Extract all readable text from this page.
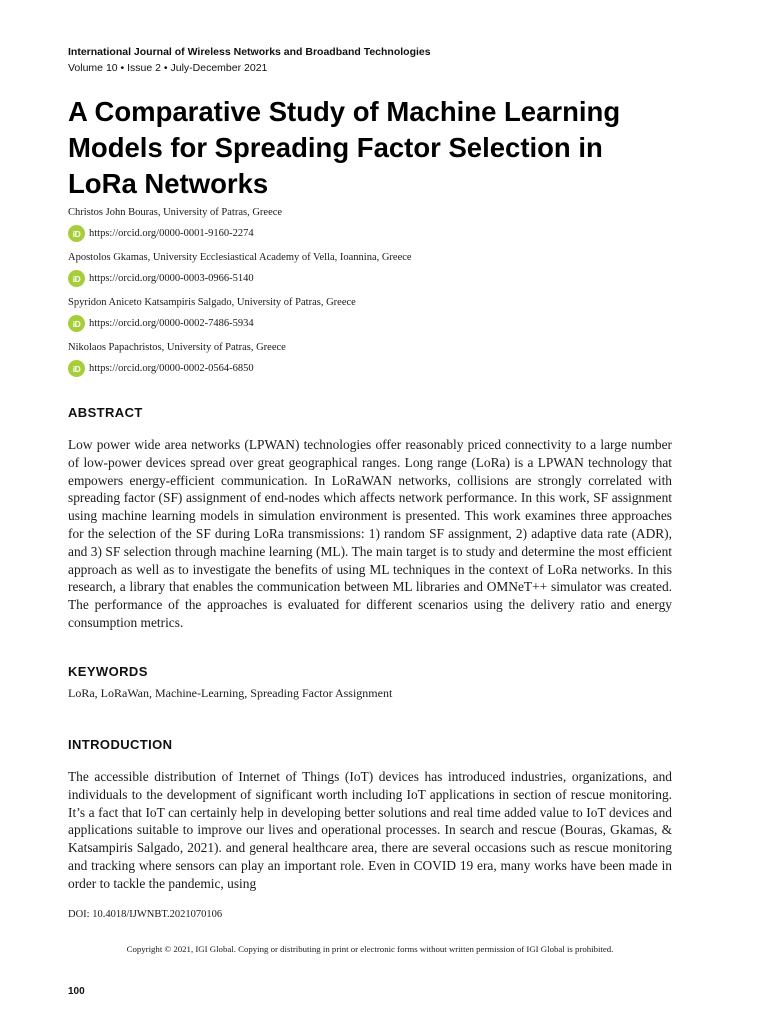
International Journal of Wireless Networks and Broadband Technologies
Volume 10 • Issue 2 • July-December 2021
A Comparative Study of Machine Learning Models for Spreading Factor Selection in LoRa Networks
Christos John Bouras, University of Patras, Greece
iD https://orcid.org/0000-0001-9160-2274
Apostolos Gkamas, University Ecclesiastical Academy of Vella, Ioannina, Greece
iD https://orcid.org/0000-0003-0966-5140
Spyridon Aniceto Katsampiris Salgado, University of Patras, Greece
iD https://orcid.org/0000-0002-7486-5934
Nikolaos Papachristos, University of Patras, Greece
iD https://orcid.org/0000-0002-0564-6850
ABSTRACT

Low power wide area networks (LPWAN) technologies offer reasonably priced connectivity to a large number of low-power devices spread over great geographical ranges. Long range (LoRa) is a LPWAN technology that empowers energy-efficient communication. In LoRaWAN networks, collisions are strongly correlated with spreading factor (SF) assignment of end-nodes which affects network performance. In this work, SF assignment using machine learning models in simulation environment is presented. This work examines three approaches for the selection of the SF during LoRa transmissions: 1) random SF assignment, 2) adaptive data rate (ADR), and 3) SF selection through machine learning (ML). The main target is to study and determine the most efficient approach as well as to investigate the benefits of using ML techniques in the context of LoRa networks. In this research, a library that enables the communication between ML libraries and OMNeT++ simulator was created. The performance of the approaches is evaluated for different scenarios using the delivery ratio and energy consumption metrics.

KEYWORDS

LoRa, LoRaWan, Machine-Learning, Spreading Factor Assignment

INTRODUCTION

The accessible distribution of Internet of Things (IoT) devices has introduced industries, organizations, and individuals to the development of significant worth including IoT applications in section of rescue monitoring. It’s a fact that IoT can certainly help in developing better solutions and real time added value to IoT devices and applications suitable to improve our lives and operational processes. In search and rescue (Bouras, Gkamas, & Katsampiris Salgado, 2021). and general healthcare area, there are several occasions such as rescue monitoring and tracking where sensors can play an important role. Even in COVID 19 era, many works have been made in order to tackle the pandemic, using

DOI: 10.4018/IJWNBT.2021070106
Copyright © 2021, IGI Global. Copying or distributing in print or electronic forms without written permission of IGI Global is prohibited.
100
